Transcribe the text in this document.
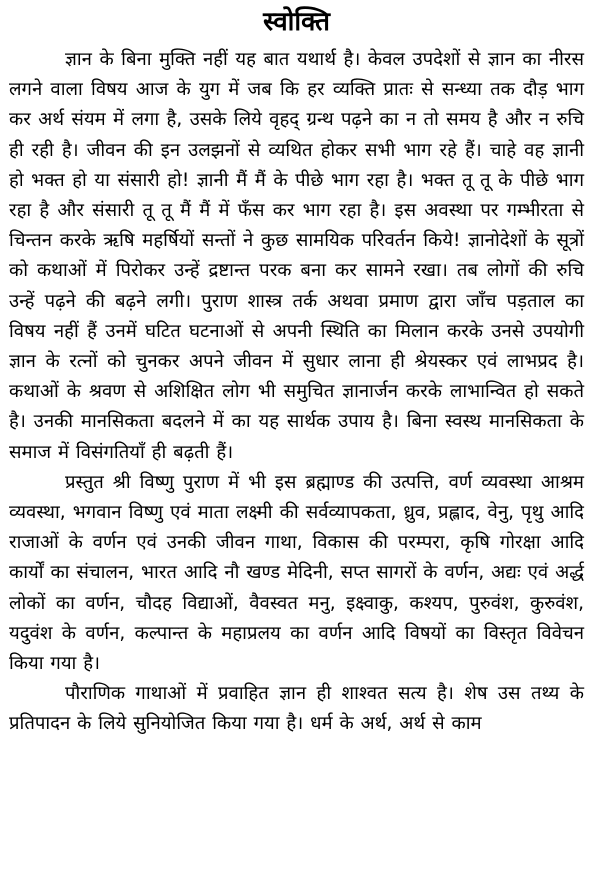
स्वोक्ति

ज्ञान के बिना मुक्ति नहीं यह बात यथार्थ है। केवल उपदेशों से ज्ञान का नीरस लगने वाला विषय आज के युग में जब कि हर व्यक्ति प्रातः से सन्ध्या तक दौड़ भाग कर अर्थ संयम में लगा है, उसके लिये वृहद् ग्रन्थ पढ़ने का न तो समय है और न रुचि ही रही है। जीवन की इन उलझनों से व्यथित होकर सभी भाग रहे हैं। चाहे वह ज्ञानी हो भक्त हो या संसारी हो! ज्ञानी मैं मैं के पीछे भाग रहा है। भक्त तू तू के पीछे भाग रहा है और संसारी तू तू मैं मैं में फँस कर भाग रहा है। इस अवस्था पर गम्भीरता से चिन्तन करके ऋषि महर्षियों सन्तों ने कुछ सामयिक परिवर्तन किये! ज्ञानोदेशों के सूत्रों को कथाओं में पिरोकर उन्हें द्रष्टान्त परक बना कर सामने रखा। तब लोगों की रुचि उन्हें पढ़ने की बढ़ने लगी। पुराण शास्त्र तर्क अथवा प्रमाण द्वारा जाँच पड़ताल का विषय नहीं हैं उनमें घटित घटनाओं से अपनी स्थिति का मिलान करके उनसे उपयोगी ज्ञान के रत्नों को चुनकर अपने जीवन में सुधार लाना ही श्रेयस्कर एवं लाभप्रद है। कथाओं के श्रवण से अशिक्षित लोग भी समुचित ज्ञानार्जन करके लाभान्वित हो सकते है। उनकी मानसिकता बदलने में का यह सार्थक उपाय है। बिना स्वस्थ मानसिकता के समाज में विसंगतियाँ ही बढ़ती हैं।

प्रस्तुत श्री विष्णु पुराण में भी इस ब्रह्माण्ड की उत्पत्ति, वर्ण व्यवस्था आश्रम व्यवस्था, भगवान विष्णु एवं माता लक्ष्मी की सर्वव्यापकता, ध्रुव, प्रह्लाद, वेनु, पृथु आदि राजाओं के वर्णन एवं उनकी जीवन गाथा, विकास की परम्परा, कृषि गोरक्षा आदि कार्यों का संचालन, भारत आदि नौ खण्ड मेदिनी, सप्त सागरों के वर्णन, अद्यः एवं अर्द्ध लोकों का वर्णन, चौदह विद्याओं, वैवस्वत मनु, इक्ष्वाकु, कश्यप, पुरुवंश, कुरुवंश, यदुवंश के वर्णन, कल्पान्त के महाप्रलय का वर्णन आदि विषयों का विस्तृत विवेचन किया गया है।

पौराणिक गाथाओं में प्रवाहित ज्ञान ही शाश्वत सत्य है। शेष उस तथ्य के प्रतिपादन के लिये सुनियोजित किया गया है। धर्म के अर्थ, अर्थ से काम
